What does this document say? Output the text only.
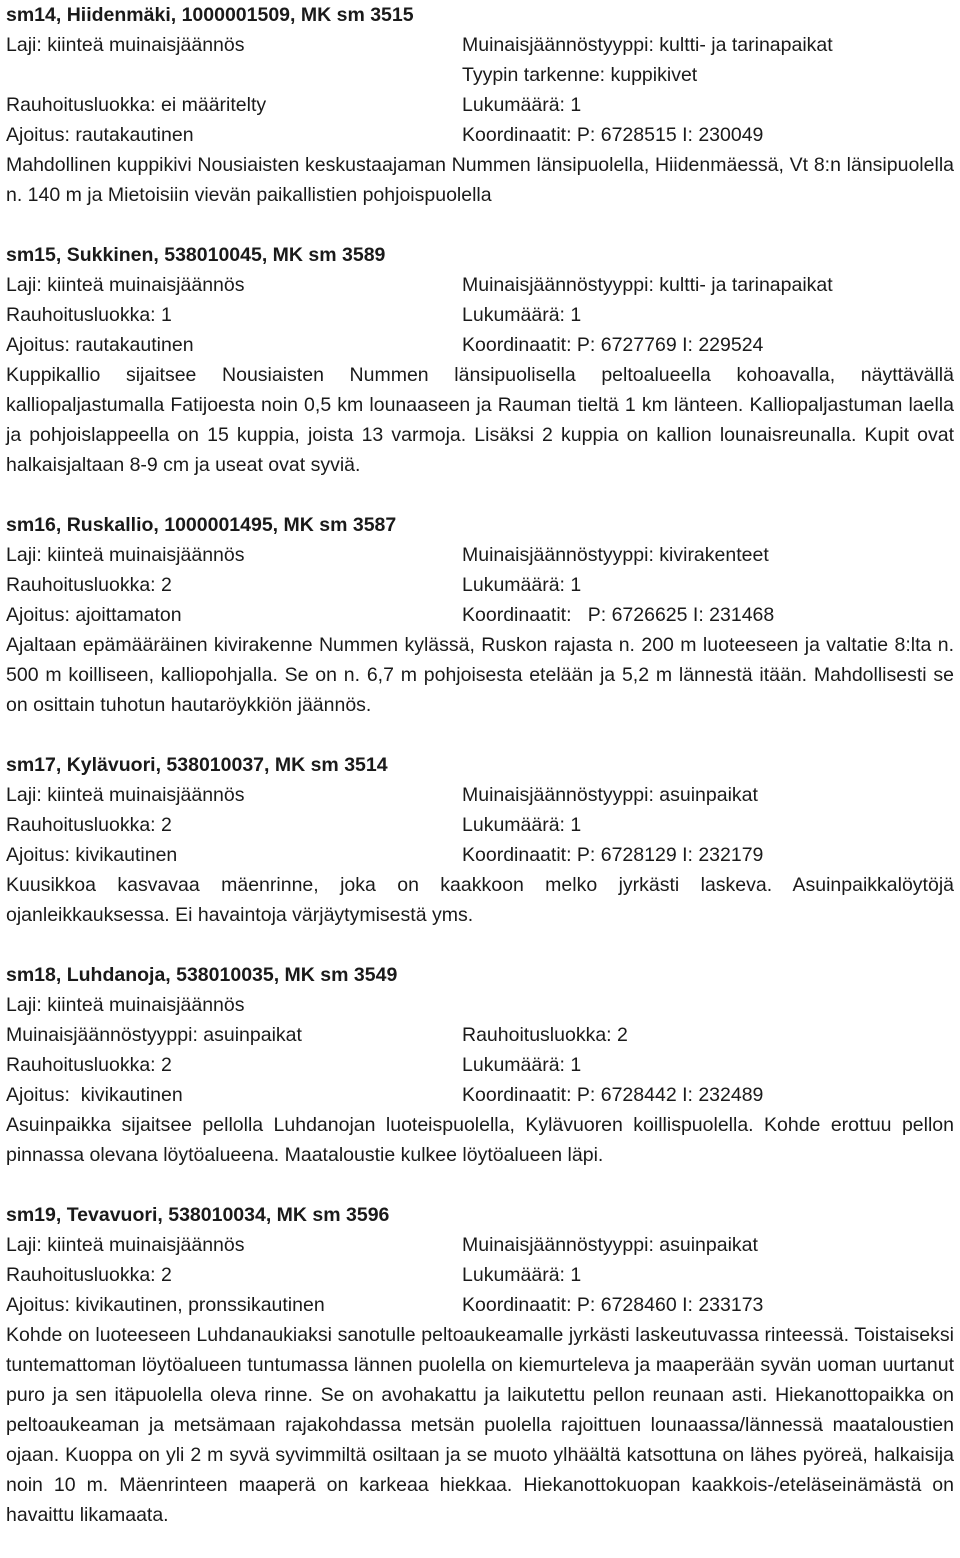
sm14, Hiidenmäki, 1000001509, MK sm 3515
Laji: kiinteä muinaisjäännös	Muinaisjäännöstyyppi: kultti- ja tarinapaikat
Tyypin tarkenne: kuppikivet
Rauhoitusluokka: ei määritelty	Lukumäärä: 1
Ajoitus: rautakautinen	Koordinaatit: P: 6728515 I: 230049

Mahdollinen kuppikivi Nousiaisten keskustaajaman Nummen länsipuolella, Hiidenmäessä, Vt 8:n länsipuolella n. 140 m ja Mietoisiin vievän paikallistien pohjoispuolella

sm15, Sukkinen, 538010045, MK sm 3589
Laji: kiinteä muinaisjäännös	Muinaisjäännöstyyppi: kultti- ja tarinapaikat
Rauhoitusluokka: 1	Lukumäärä: 1
Ajoitus: rautakautinen	Koordinaatit: P: 6727769 I: 229524

Kuppikallio sijaitsee Nousiaisten Nummen länsipuolisella peltoalueella kohoavalla, näyttävällä kalliopaljastumalla Fatijoesta noin 0,5 km lounaaseen ja Rauman tieltä 1 km länteen. Kalliopaljastuman laella ja pohjoislappeella on 15 kuppia, joista 13 varmoja. Lisäksi 2 kuppia on kallion lounaisreunalla. Kupit ovat halkaisjaltaan 8-9 cm ja useat ovat syviä.

sm16, Ruskallio, 1000001495, MK sm 3587
Laji: kiinteä muinaisjäännös	Muinaisjäännöstyyppi: kivirakenteet
Rauhoitusluokka: 2	Lukumäärä: 1
Ajoitus: ajoittamaton	Koordinaatit:   P: 6726625 I: 231468

Ajaltaan epämääräinen kivirakenne Nummen kylässä, Ruskon rajasta n. 200 m luoteeseen ja valtatie 8:lta n. 500 m koilliseen, kalliopohjalla. Se on n. 6,7 m pohjoisesta etelään ja 5,2 m lännestä itään. Mahdollisesti se on osittain tuhotun hautaröykkiön jäännös.

sm17, Kylävuori, 538010037, MK sm 3514
Laji: kiinteä muinaisjäännös	Muinaisjäännöstyyppi: asuinpaikat
Rauhoitusluokka: 2	Lukumäärä: 1
Ajoitus: kivikautinen	Koordinaatit: P: 6728129 I: 232179

Kuusikkoa kasvavaa mäenrinne, joka on kaakkoon melko jyrkästi laskeva. Asuinpaikkalöytöjä ojanleikkauksessa. Ei havaintoja värjäytymisestä yms.

sm18, Luhdanoja, 538010035, MK sm 3549
Laji: kiinteä muinaisjäännös
Muinaisjäännöstyyppi: asuinpaikat	Rauhoitusluokka: 2
Rauhoitusluokka: 2	Lukumäärä: 1
Ajoitus:  kivikautinen	Koordinaatit: P: 6728442 I: 232489

Asuinpaikka sijaitsee pellolla Luhdanojan luoteispuolella, Kylävuoren koillispuolella. Kohde erottuu pellon pinnassa olevana löytöalueena. Maataloustie kulkee löytöalueen läpi.

sm19, Tevavuori, 538010034, MK sm 3596
Laji: kiinteä muinaisjäännös	Muinaisjäännöstyyppi: asuinpaikat
Rauhoitusluokka: 2	Lukumäärä: 1
Ajoitus: kivikautinen, pronssikautinen	Koordinaatit: P: 6728460 I: 233173

Kohde on luoteeseen Luhdanaukiaksi sanotulle peltoaukeamalle jyrkästi laskeutuvassa rinteessä. Toistaiseksi tuntemattoman löytöalueen tuntumassa lännen puolella on kiemurteleva ja maaperään syvän uoman uurtanut puro ja sen itäpuolella oleva rinne. Se on avohakattu ja laikutettu pellon reunaan asti. Hiekanottopaikka on peltoaukeaman ja metsämaan rajakohdassa metsän puolella rajoittuen lounaassa/lännessä maataloustien ojaan. Kuoppa on yli 2 m syvä syvimmiltä osiltaan ja se muoto ylhäältä katsottuna on lähes pyöreä, halkaisija noin 10 m. Mäenrinteen maaperä on karkeaa hiekkaa. Hiekanottokuopan kaakkois-/eteläseinämästä on havaittu likamaata.
